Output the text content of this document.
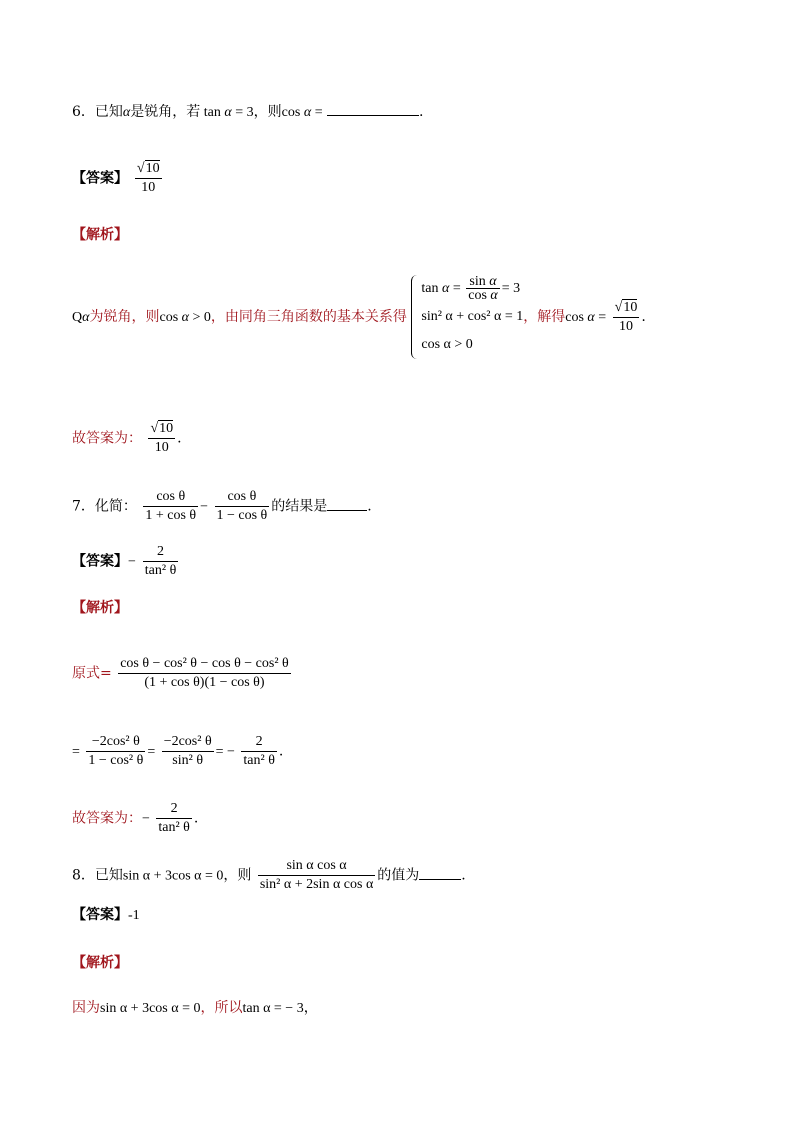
6．已知α是锐角，若 tan α = 3，则cos α =	.
【答案】 $\frac{√10}{10}$
【解析】
Qα为锐角，则cos α > 0，由同角三角函数的基本关系得
$\tan \alpha = \frac{\text{sin α}}{\text{cos α}} = 3$
sin² α + cos² α = 1
cos α > 0
，解得$\cos \alpha = \frac{√10}{10}$ .
故答案为： $\frac{√10}{10}$ .
7．化简： $\frac{\text{cos θ}}{\text{1 + cos θ}} - \frac{\text{cos θ}}{\text{1 − cos θ}}$ 的结果是	.
【答案】− $\frac{2}{\text{tan² θ}}$
【解析】
原式= $\frac{\text{cos θ − cos² θ − cos θ − cos² θ}}{\text{(1 + cos θ)(1 − cos θ)}}$
= $\frac{\text{−2cos² θ}}{\text{1 − cos² θ}} = \frac{\text{−2cos² θ}}{\text{sin² θ}}$ = − $\frac{2}{\text{tan² θ}}$ .
故答案为：− $\frac{2}{\text{tan² θ}}$ .
8．已知sin α + 3cos α = 0，则 $\frac{\text{sin α cos α}}{\text{sin² α + 2sin α cos α}}$ 的值为	.
【答案】-1
【解析】
因为sin α + 3cos α = 0，所以tan α = − 3，
